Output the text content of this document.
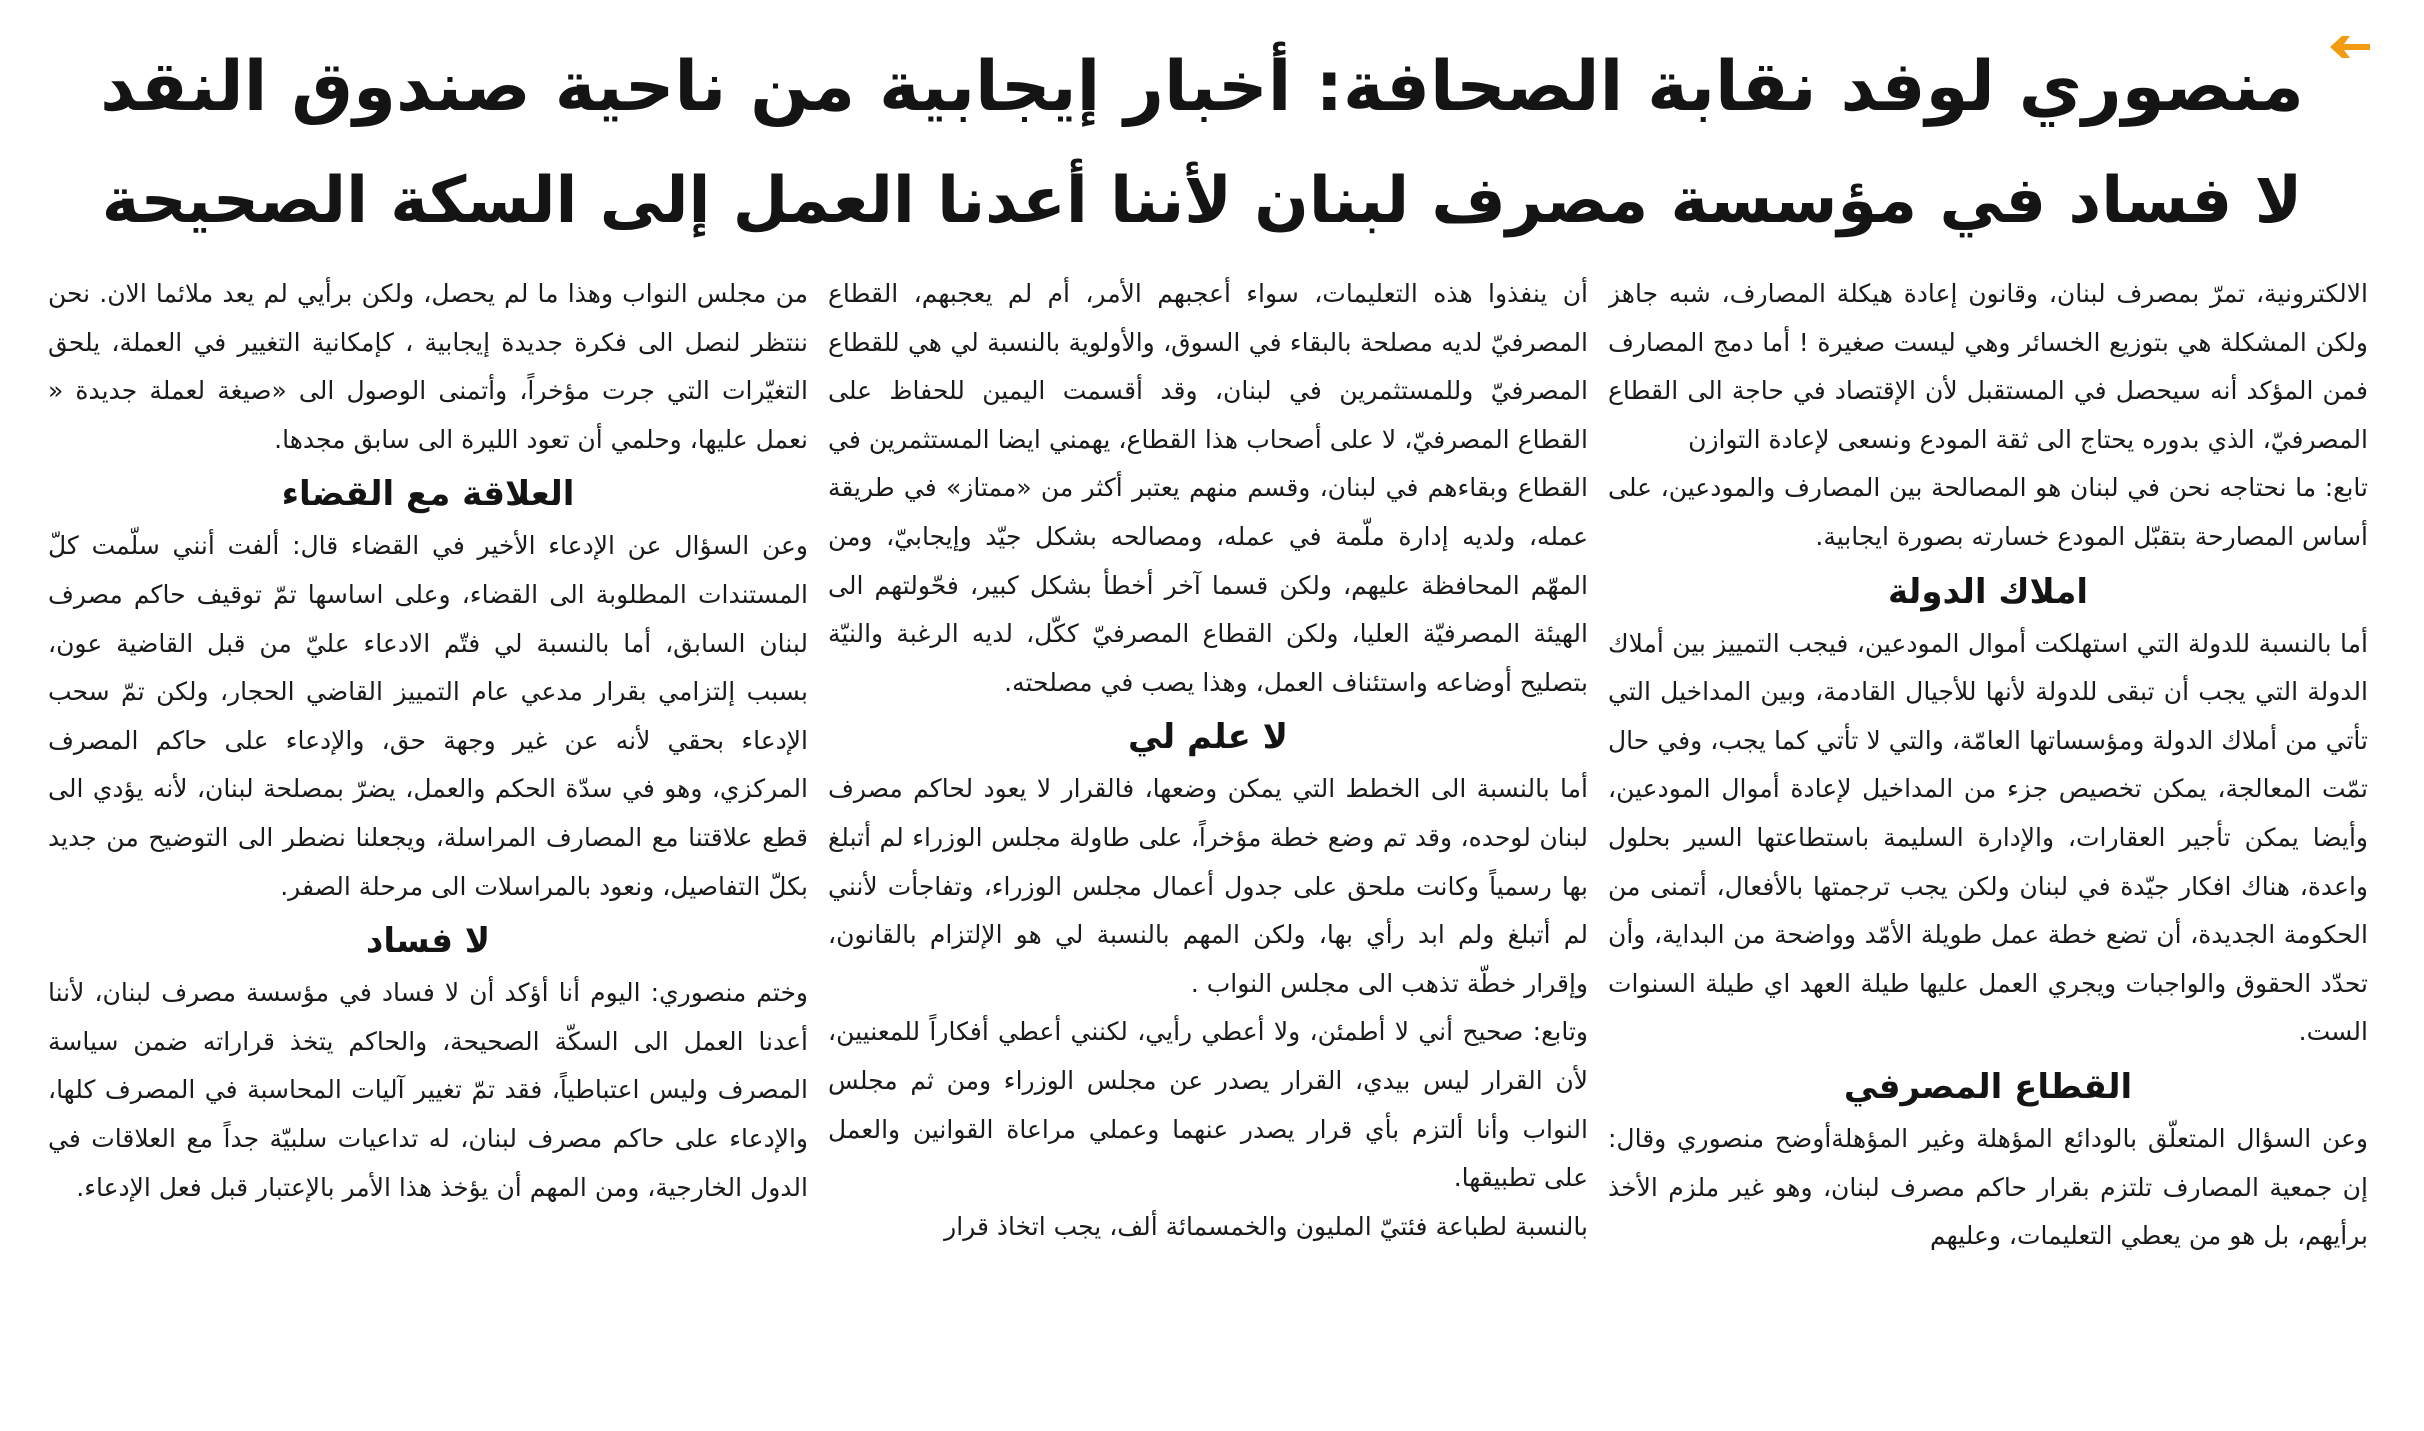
منصوري لوفد نقابة الصحافة: أخبار إيجابية من ناحية صندوق النقد
لا فساد في مؤسسة مصرف لبنان لأننا أعدنا العمل إلى السكة الصحيحة

الالكترونية، تمرّ بمصرف لبنان، وقانون إعادة هيكلة المصارف، شبه جاهز ولكن المشكلة هي بتوزيع الخسائر وهي ليست صغيرة ! أما دمج المصارف فمن المؤكد أنه سيحصل في المستقبل لأن الإقتصاد في حاجة الى القطاع المصرفيّ، الذي بدوره يحتاج الى ثقة المودع ونسعى لإعادة التوازن

تابع: ما نحتاجه نحن في لبنان هو المصالحة بين المصارف والمودعين، على أساس المصارحة بتقبّل المودع خسارته بصورة ايجابية.

املاك الدولة

أما بالنسبة للدولة التي استهلكت أموال المودعين، فيجب التمييز بين أملاك الدولة التي يجب أن تبقى للدولة لأنها للأجيال القادمة، وبين المداخيل التي تأتي من أملاك الدولة ومؤسساتها العامّة، والتي لا تأتي كما يجب، وفي حال تمّت المعالجة، يمكن تخصيص جزء من المداخيل لإعادة أموال المودعين، وأيضا يمكن تأجير العقارات، والإدارة السليمة باستطاعتها السير بحلول واعدة، هناك افكار جيّدة في لبنان ولكن يجب ترجمتها بالأفعال، أتمنى من الحكومة الجديدة، أن تضع خطة عمل طويلة الأمّد وواضحة من البداية، وأن تحدّد الحقوق والواجبات ويجري العمل عليها طيلة العهد اي طيلة السنوات الست.

القطاع المصرفي

وعن السؤال المتعلّق بالودائع المؤهلة وغير المؤهلةأوضح منصوري وقال: إن جمعية المصارف تلتزم بقرار حاكم مصرف لبنان، وهو غير ملزم الأخذ برأيهم، بل هو من يعطي التعليمات، وعليهم

أن ينفذوا هذه التعليمات، سواء أعجبهم الأمر، أم لم يعجبهم، القطاع المصرفيّ لديه مصلحة بالبقاء في السوق، والأولوية بالنسبة لي هي للقطاع المصرفيّ وللمستثمرين في لبنان، وقد أقسمت اليمين للحفاظ على القطاع المصرفيّ، لا على أصحاب هذا القطاع، يهمني ايضا المستثمرين في القطاع وبقاءهم في لبنان، وقسم منهم يعتبر أكثر من «ممتاز» في طريقة عمله، ولديه إدارة ملّمة في عمله، ومصالحه بشكل جيّد وإيجابيّ، ومن المهّم المحافظة عليهم، ولكن قسما آخر أخطأ بشكل كبير، فحّولتهم الى الهيئة المصرفيّة العليا، ولكن القطاع المصرفيّ ككّل، لديه الرغبة والنيّة بتصليح أوضاعه واستئناف العمل، وهذا يصب في مصلحته.

لا علم لي

أما بالنسبة الى الخطط التي يمكن وضعها، فالقرار لا يعود لحاكم مصرف لبنان لوحده، وقد تم وضع خطة مؤخراً، على طاولة مجلس الوزراء لم أتبلغ بها رسمياً وكانت ملحق على جدول أعمال مجلس الوزراء، وتفاجأت لأنني لم أتبلغ ولم ابد رأي بها، ولكن المهم بالنسبة لي هو الإلتزام بالقانون، وإقرار خطّة تذهب الى مجلس النواب .

وتابع: صحيح أني لا أطمئن، ولا أعطي رأيي، لكنني أعطي أفكاراً للمعنيين، لأن القرار ليس بيدي، القرار يصدر عن مجلس الوزراء ومن ثم مجلس النواب وأنا ألتزم بأي قرار يصدر عنهما وعملي مراعاة القوانين والعمل على تطبيقها.

بالنسبة لطباعة فئتيّ المليون والخمسمائة ألف، يجب اتخاذ قرار

من مجلس النواب وهذا ما لم يحصل، ولكن برأيي لم يعد ملائما الان. نحن ننتظر لنصل الى فكرة جديدة إيجابية ، كإمكانية التغيير في العملة، يلحق التغيّرات التي جرت مؤخراً، وأتمنى الوصول الى «صيغة لعملة جديدة « نعمل عليها، وحلمي أن تعود الليرة الى سابق مجدها.

العلاقة مع القضاء

وعن السؤال عن الإدعاء الأخير في القضاء قال: ألفت أنني سلّمت كلّ المستندات المطلوبة الى القضاء، وعلى اساسها تمّ توقيف حاكم مصرف لبنان السابق، أما بالنسبة لي فتّم الادعاء عليّ من قبل القاضية عون، بسبب إلتزامي بقرار مدعي عام التمييز القاضي الحجار، ولكن تمّ سحب الإدعاء بحقي لأنه عن غير وجهة حق، والإدعاء على حاكم المصرف المركزي، وهو في سدّة الحكم والعمل، يضرّ بمصلحة لبنان، لأنه يؤدي الى قطع علاقتنا مع المصارف المراسلة، ويجعلنا نضطر الى التوضيح من جديد بكلّ التفاصيل، ونعود بالمراسلات الى مرحلة الصفر.

لا فساد

وختم منصوري: اليوم أنا أؤكد أن لا فساد في مؤسسة مصرف لبنان، لأننا أعدنا العمل الى السكّة الصحيحة، والحاكم يتخذ قراراته ضمن سياسة المصرف وليس اعتباطياً، فقد تمّ تغيير آليات المحاسبة في المصرف كلها، والإدعاء على حاكم مصرف لبنان، له تداعيات سلبيّة جداً مع العلاقات في الدول الخارجية، ومن المهم أن يؤخذ هذا الأمر بالإعتبار قبل فعل الإدعاء.
